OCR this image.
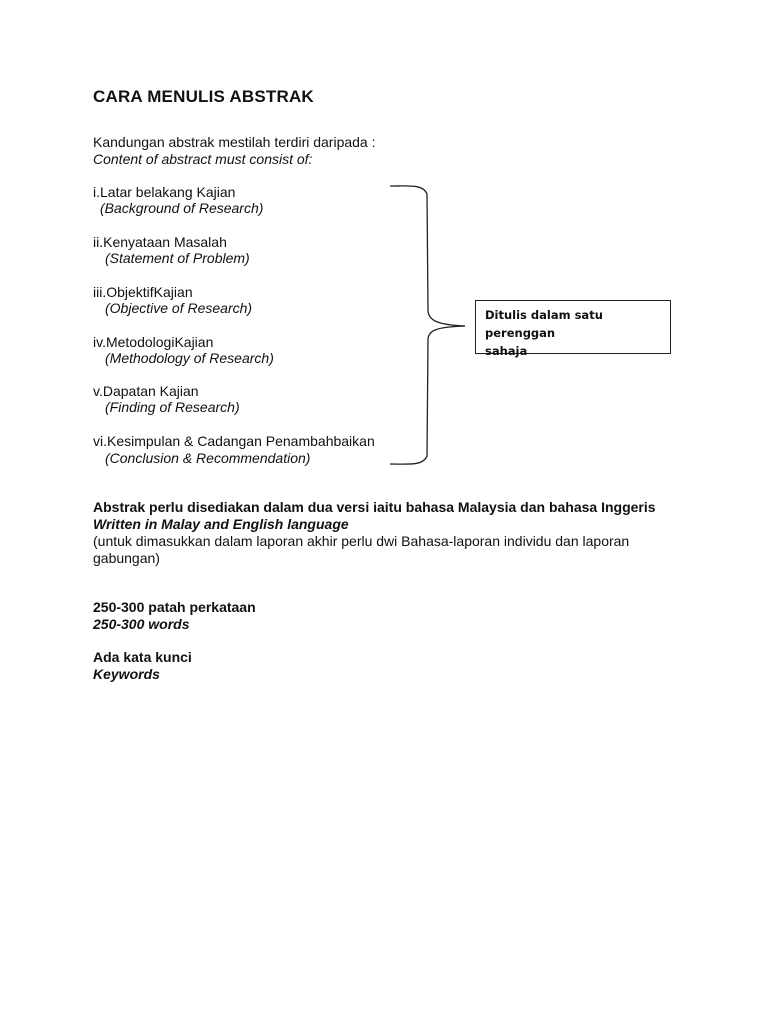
CARA MENULIS ABSTRAK

Kandungan abstrak mestilah terdiri daripada :

Content of abstract must consist of:

i.Latar belakang Kajian

(Background of Research)

ii.Kenyataan Masalah

(Statement of Problem)

iii.ObjektifKajian

(Objective of Research)

iv.MetodologiKajian

(Methodology of Research)

v.Dapatan Kajian

(Finding of Research)

vi.Kesimpulan & Cadangan Penambahbaikan

(Conclusion & Recommendation)

Ditulis dalam satu perenggan
sahaja

Abstrak perlu disediakan dalam dua versi iaitu bahasa Malaysia dan bahasa Inggeris

Written in Malay and English language

(untuk dimasukkan dalam laporan akhir perlu dwi Bahasa-laporan individu dan laporan

gabungan)

250-300 patah perkataan

250-300 words

Ada kata kunci

Keywords
